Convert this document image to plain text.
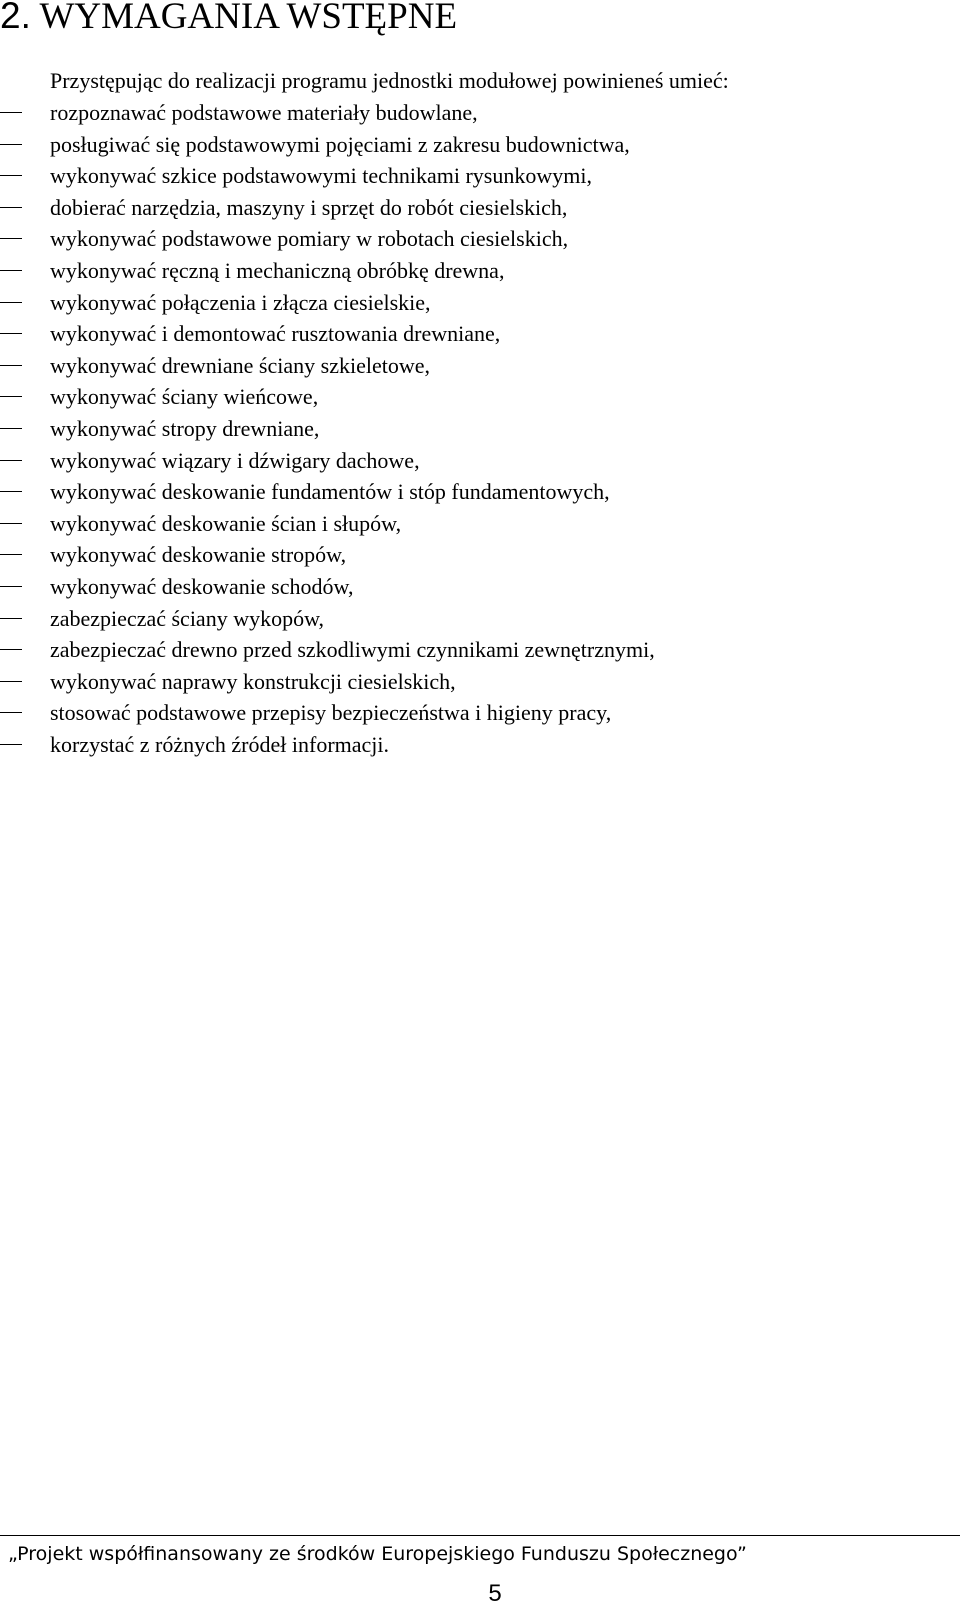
2. WYMAGANIA WSTĘPNE

Przystępując do realizacji programu jednostki modułowej powinieneś umieć:

rozpoznawać podstawowe materiały budowlane,
posługiwać się podstawowymi pojęciami z zakresu budownictwa,
wykonywać szkice podstawowymi technikami rysunkowymi,
dobierać narzędzia, maszyny i sprzęt do robót ciesielskich,
wykonywać podstawowe pomiary w robotach ciesielskich,
wykonywać ręczną i mechaniczną obróbkę drewna,
wykonywać połączenia i złącza ciesielskie,
wykonywać i demontować rusztowania drewniane,
wykonywać drewniane ściany szkieletowe,
wykonywać ściany wieńcowe,
wykonywać stropy drewniane,
wykonywać wiązary i dźwigary dachowe,
wykonywać deskowanie fundamentów i stóp fundamentowych,
wykonywać deskowanie ścian i słupów,
wykonywać deskowanie stropów,
wykonywać deskowanie schodów,
zabezpieczać ściany wykopów,
zabezpieczać drewno przed szkodliwymi czynnikami zewnętrznymi,
wykonywać naprawy konstrukcji ciesielskich,
stosować podstawowe przepisy bezpieczeństwa i higieny pracy,
korzystać z różnych źródeł informacji.

„Projekt współfinansowany ze środków Europejskiego Funduszu Społecznego”

5
